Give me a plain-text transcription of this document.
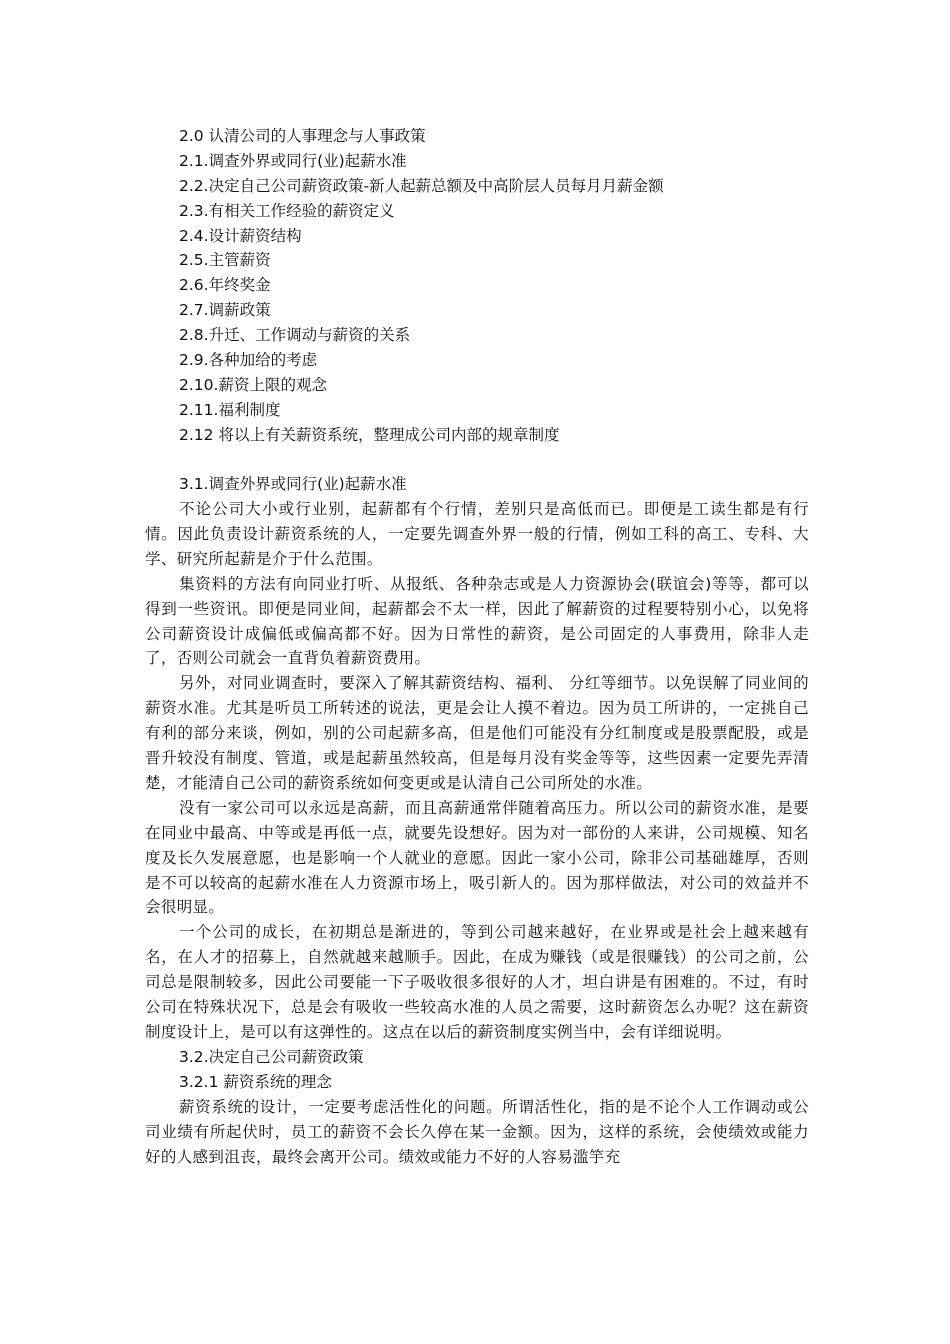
2.0 认清公司的人事理念与人事政策
2.1.调查外界或同行(业)起薪水准
2.2.决定自己公司薪资政策-新人起薪总额及中高阶层人员每月月薪金额
2.3.有相关工作经验的薪资定义
2.4.设计薪资结构
2.5.主管薪资
2.6.年终奖金
2.7.调薪政策
2.8.升迁、工作调动与薪资的关系
2.9.各种加给的考虑
2.10.薪资上限的观念
2.11.福利制度
2.12 将以上有关薪资系统，整理成公司内部的规章制度
3.1.调查外界或同行(业)起薪水准

不论公司大小或行业别，起薪都有个行情，差别只是高低而已。即便是工读生都是有行情。因此负责设计薪资系统的人，一定要先调查外界一般的行情，例如工科的高工、专科、大学、研究所起薪是介于什么范围。

集资料的方法有向同业打听、从报纸、各种杂志或是人力资源协会(联谊会)等等，都可以得到一些资讯。即便是同业间，起薪都会不太一样，因此了解薪资的过程要特别小心，以免将公司薪资设计成偏低或偏高都不好。因为日常性的薪资，是公司固定的人事费用，除非人走了，否则公司就会一直背负着薪资费用。

另外，对同业调查时，要深入了解其薪资结构、福利、 分红等细节。以免误解了同业间的薪资水准。尤其是听员工所转述的说法，更是会让人摸不着边。因为员工所讲的，一定挑自己有利的部分来谈，例如，别的公司起薪多高，但是他们可能没有分红制度或是股票配股，或是晋升较没有制度、管道，或是起薪虽然较高，但是每月没有奖金等等，这些因素一定要先弄清楚，才能清自己公司的薪资系统如何变更或是认清自己公司所处的水准。

没有一家公司可以永远是高薪，而且高薪通常伴随着高压力。所以公司的薪资水准，是要在同业中最高、中等或是再低一点，就要先设想好。因为对一部份的人来讲，公司规模、知名度及长久发展意愿，也是影响一个人就业的意愿。因此一家小公司，除非公司基础雄厚，否则是不可以较高的起薪水准在人力资源市场上，吸引新人的。因为那样做法，对公司的效益并不会很明显。

一个公司的成长，在初期总是渐进的，等到公司越来越好，在业界或是社会上越来越有名，在人才的招募上，自然就越来越顺手。因此，在成为赚钱（或是很赚钱）的公司之前，公司总是限制较多，因此公司要能一下子吸收很多很好的人才，坦白讲是有困难的。不过，有时公司在特殊状况下，总是会有吸收一些较高水准的人员之需要，这时薪资怎么办呢？这在薪资制度设计上，是可以有这弹性的。这点在以后的薪资制度实例当中，会有详细说明。

3.2.决定自己公司薪资政策
3.2.1 薪资系统的理念

薪资系统的设计，一定要考虑活性化的问题。所谓活性化，指的是不论个人工作调动或公司业绩有所起伏时，员工的薪资不会长久停在某一金额。因为，这样的系统，会使绩效或能力好的人感到沮丧，最终会离开公司。绩效或能力不好的人容易滥竽充
